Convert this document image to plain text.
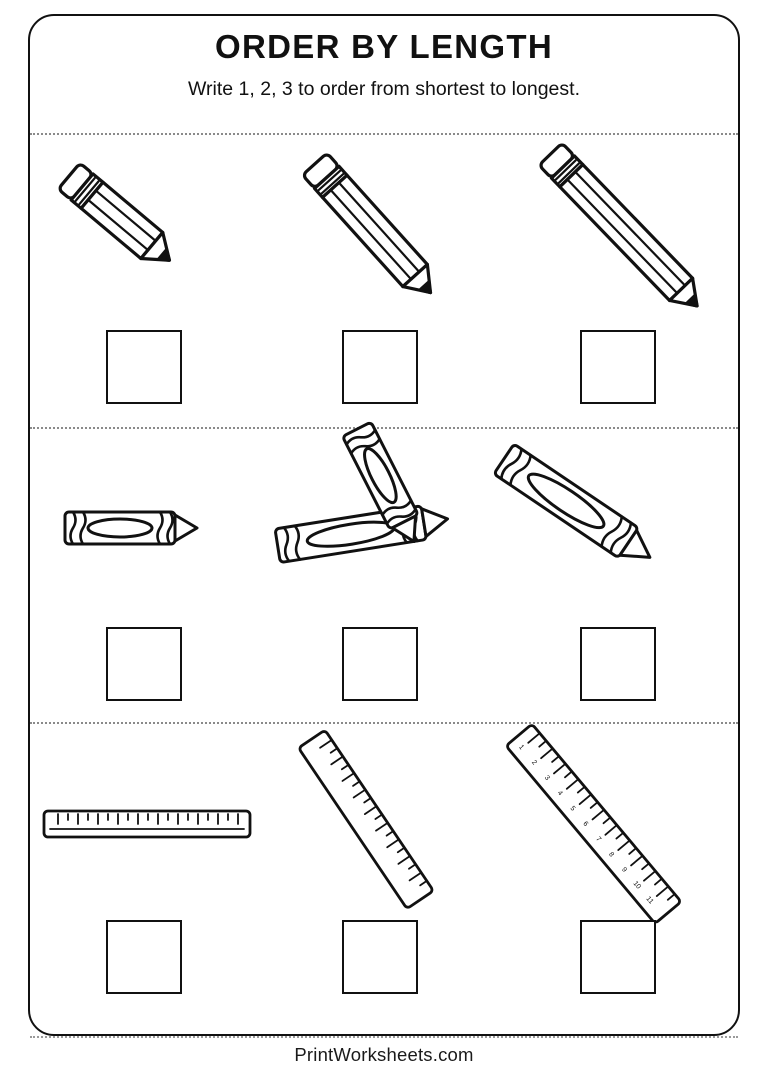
ORDER BY LENGTH

Write 1, 2, 3 to order from shortest to longest.

1
2
3
4
5
6
7
8
9
10
11
PrintWorksheets.com
